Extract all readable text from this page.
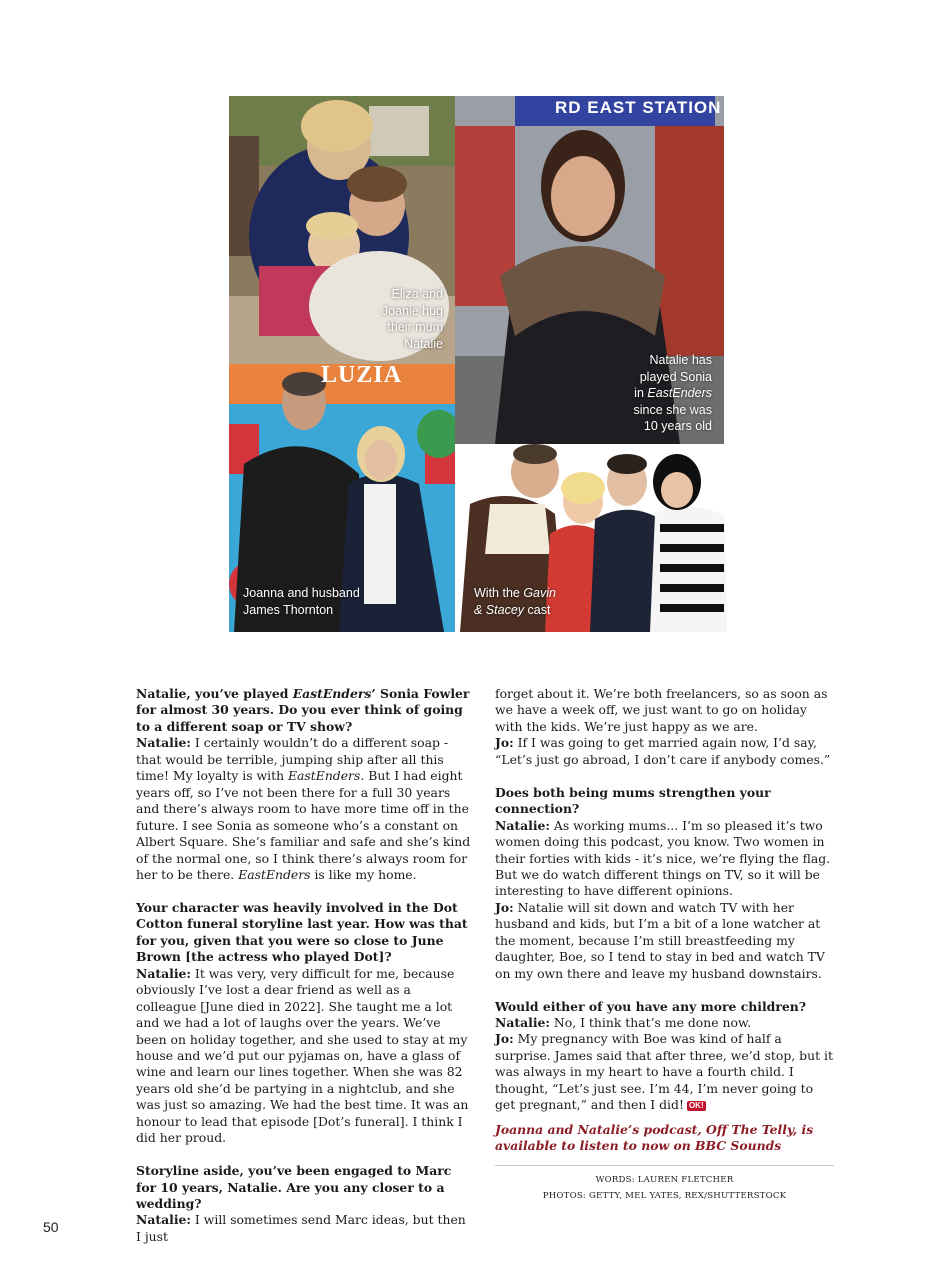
Eliza and
Joanie hug
their mum
Natalie
RD EAST STATION
Natalie has
played Sonia
in EastEnders
since she was
10 years old
LUZIA
Joanna and husband
James Thornton
With the Gavin
& Stacey cast

Natalie, you’ve played EastEnders’ Sonia Fowler
for almost 30 years. Do you ever think of going
to a different soap or TV show?

Natalie: I certainly wouldn’t do a different soap - that would be terrible, jumping ship after all this time! My loyalty is with EastEnders. But I had eight years off, so I’ve not been there for a full 30 years and there’s always room to have more time off in the future. I see Sonia as someone who’s a constant on Albert Square. She’s familiar and safe and she’s kind of the normal one, so I think there’s always room for her to be there. EastEnders is like my home.

Your character was heavily involved in the Dot Cotton funeral storyline last year. How was that for you, given that you were so close to June Brown [the actress who played Dot]?

Natalie: It was very, very difficult for me, because obviously I’ve lost a dear friend as well as a colleague [June died in 2022]. She taught me a lot and we had a lot of laughs over the years. We’ve been on holiday together, and she used to stay at my house and we’d put our pyjamas on, have a glass of wine and learn our lines together. When she was 82 years old she’d be partying in a nightclub, and she was just so amazing. We had the best time. It was an honour to lead that episode [Dot’s funeral]. I think I did her proud.

Storyline aside, you’ve been engaged to Marc for 10 years, Natalie. Are you any closer to a wedding?

Natalie: I will sometimes send Marc ideas, but then I just

forget about it. We’re both freelancers, so as soon as we have a week off, we just want to go on holiday with the kids. We’re just happy as we are.

Jo: If I was going to get married again now, I’d say, “Let’s just go abroad, I don’t care if anybody comes.”

Does both being mums strengthen your connection?

Natalie: As working mums... I’m so pleased it’s two women doing this podcast, you know. Two women in their forties with kids - it’s nice, we’re flying the flag. But we do watch different things on TV, so it will be interesting to have different opinions.

Jo: Natalie will sit down and watch TV with her husband and kids, but I’m a bit of a lone watcher at the moment, because I’m still breastfeeding my daughter, Boe, so I tend to stay in bed and watch TV on my own there and leave my husband downstairs.

Would either of you have any more children?

Natalie: No, I think that’s me done now.

Jo: My pregnancy with Boe was kind of half a surprise. James said that after three, we’d stop, but it was always in my heart to have a fourth child. I thought, “Let’s just see. I’m 44, I’m never going to get pregnant,” and then I did! OK!

Joanna and Natalie’s podcast, Off The Telly, is available to listen to now on BBC Sounds

WORDS: LAUREN FLETCHER
PHOTOS: GETTY, MEL YATES, REX/SHUTTERSTOCK
50
